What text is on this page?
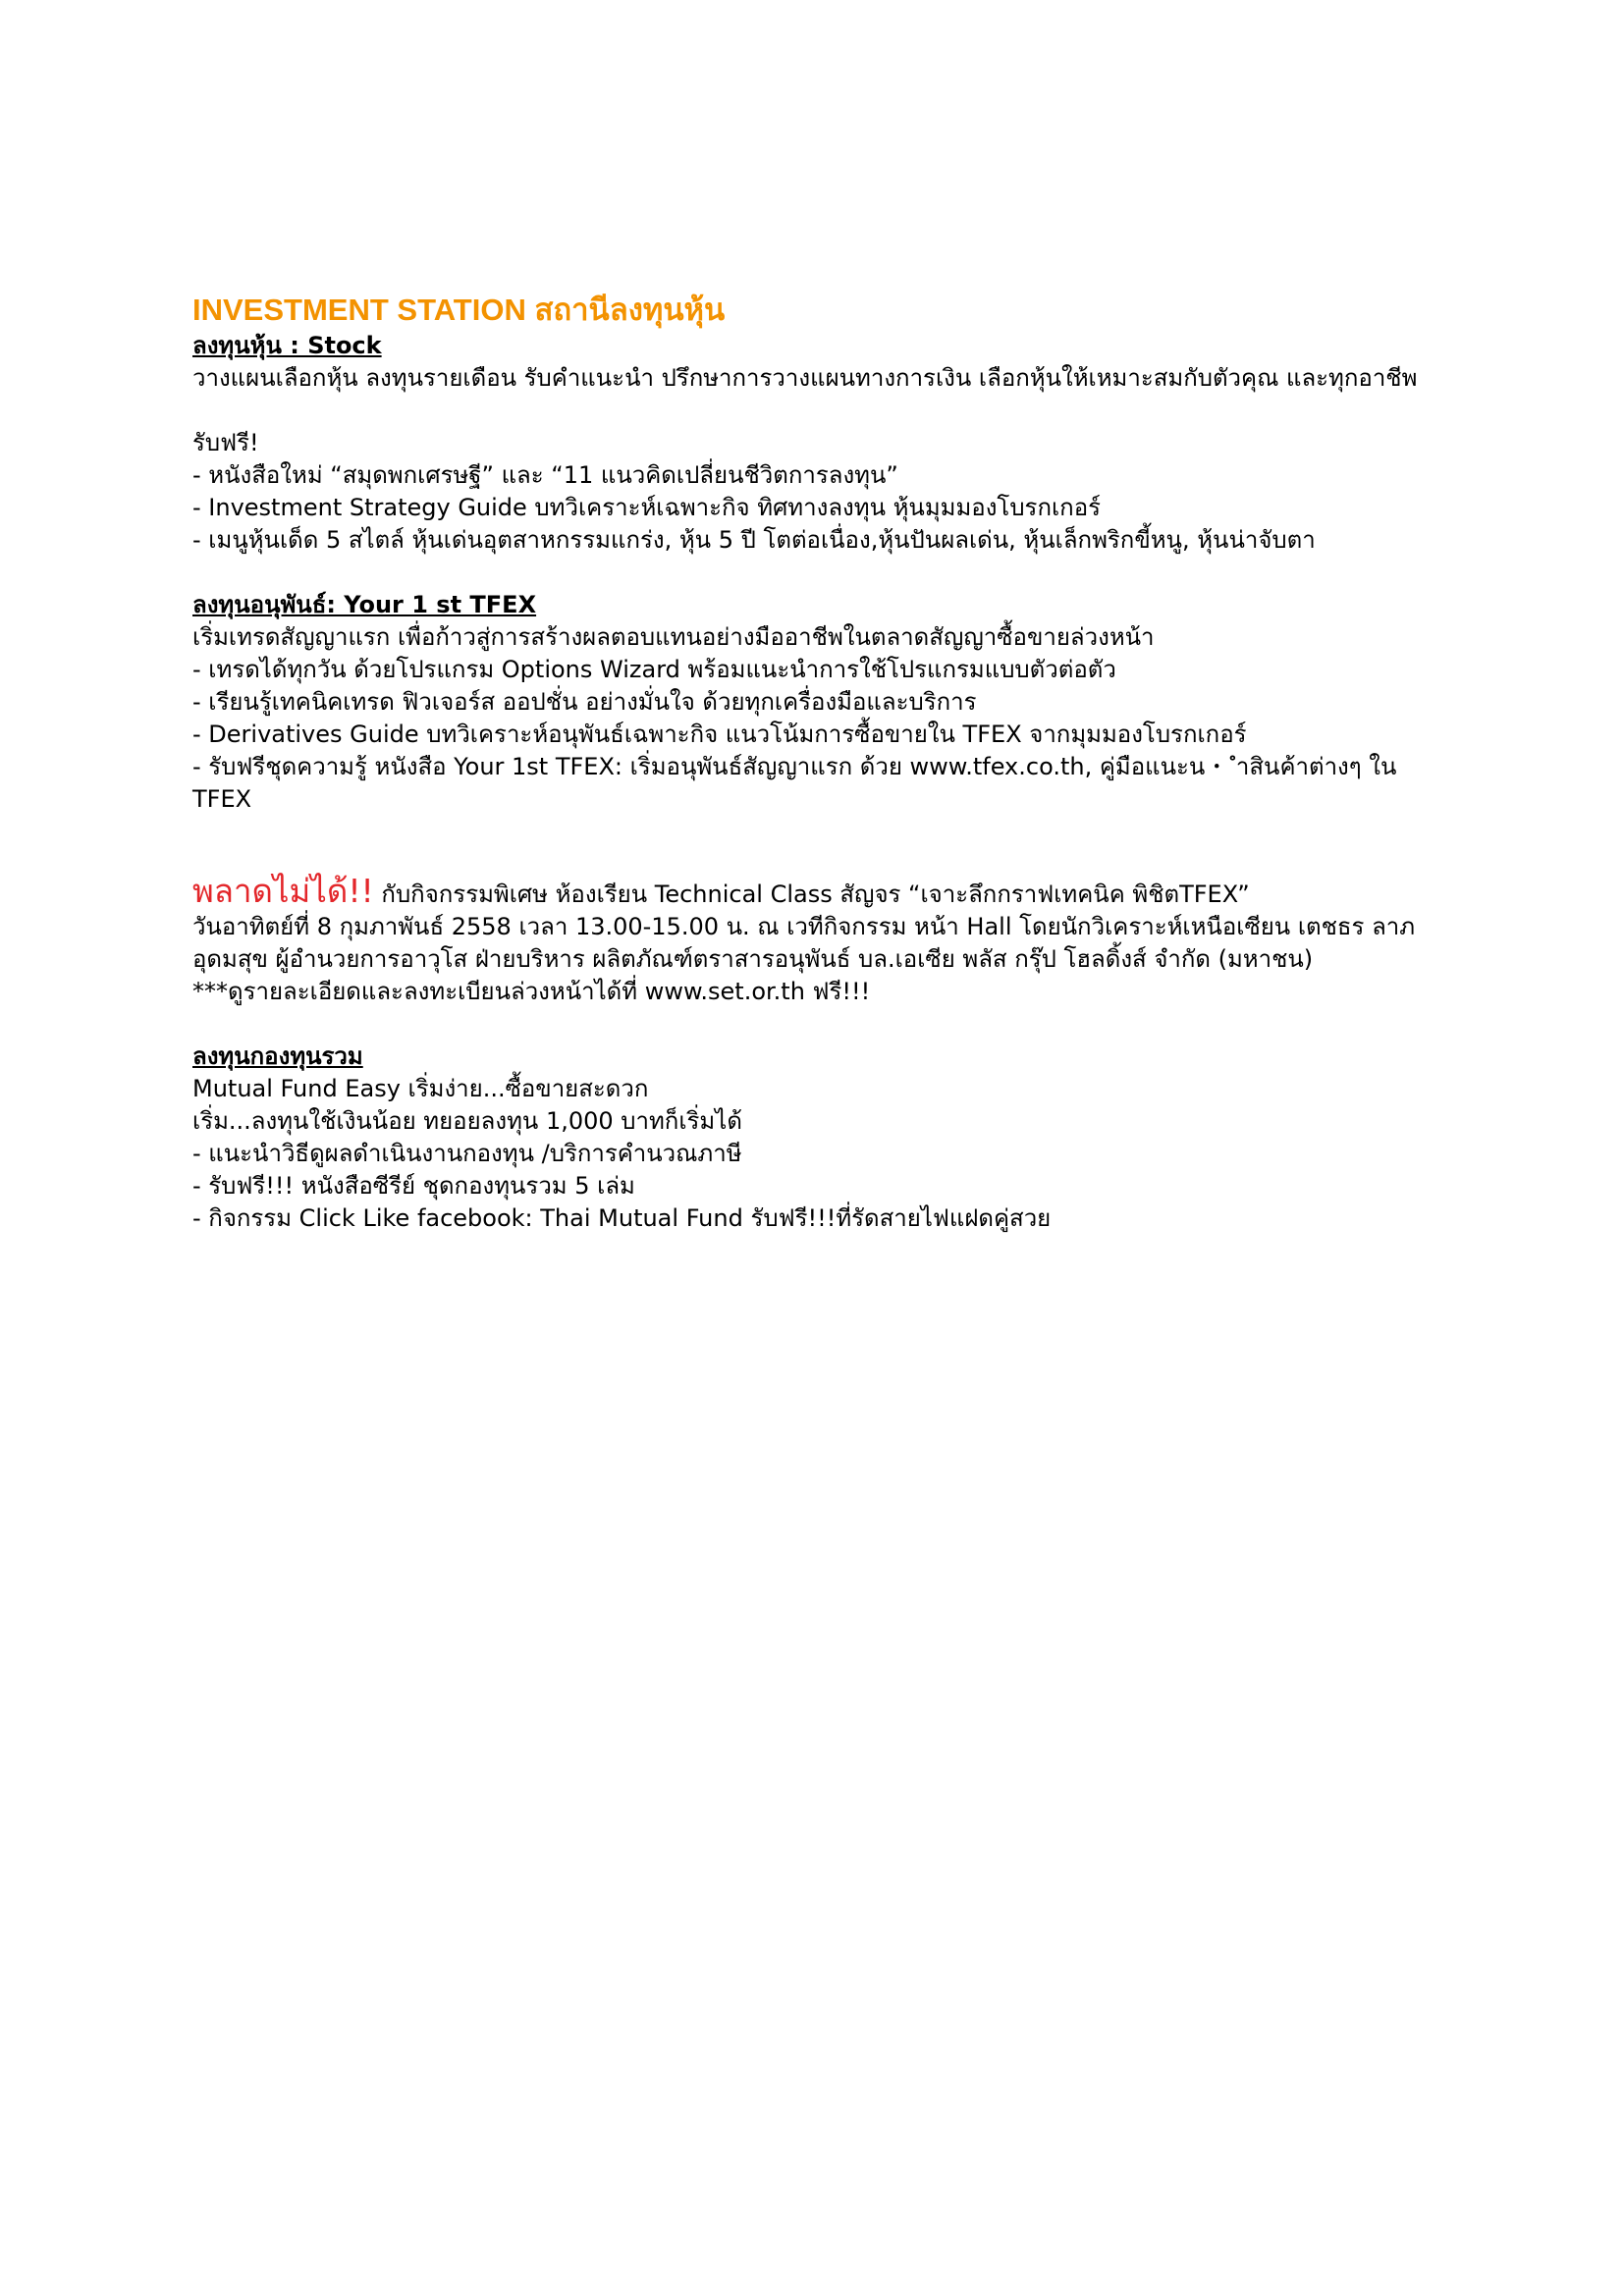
INVESTMENT STATION สถานีลงทุนหุ้น

ลงทุนหุ้น : Stock

วางแผนเลือกหุ้น ลงทุนรายเดือน รับคำแนะนำ ปรึกษาการวางแผนทางการเงิน เลือกหุ้นให้เหมาะสมกับตัวคุณ และทุกอาชีพ

รับฟรี!

- หนังสือใหม่ “สมุดพกเศรษฐี” และ “11 แนวคิดเปลี่ยนชีวิตการลงทุน”

- Investment Strategy Guide บทวิเคราะห์เฉพาะกิจ ทิศทางลงทุน หุ้นมุมมองโบรกเกอร์

- เมนูหุ้นเด็ด 5 สไตล์ หุ้นเด่นอุตสาหกรรมแกร่ง, หุ้น 5 ปี โตต่อเนื่อง,หุ้นปันผลเด่น, หุ้นเล็กพริกขี้หนู, หุ้นน่าจับตา

ลงทุนอนุพันธ์: Your 1 st TFEX

เริ่มเทรดสัญญาแรก เพื่อก้าวสู่การสร้างผลตอบแทนอย่างมืออาชีพในตลาดสัญญาซื้อขายล่วงหน้า

- เทรดได้ทุกวัน ด้วยโปรแกรม Options Wizard พร้อมแนะนำการใช้โปรแกรมแบบตัวต่อตัว

- เรียนรู้เทคนิคเทรด ฟิวเจอร์ส ออปชั่น อย่างมั่นใจ ด้วยทุกเครื่องมือและบริการ

- Derivatives Guide บทวิเคราะห์อนุพันธ์เฉพาะกิจ แนวโน้มการซื้อขายใน TFEX จากมุมมองโบรกเกอร์

- รับฟรีชุดความรู้ หนังสือ Your 1st TFEX: เริ่มอนุพันธ์สัญญาแรก ด้วย www.tfex.co.th, คู่มือแนะน・ ำสินค้าต่างๆ ใน TFEX

พลาดไม่ได้!! กับกิจกรรมพิเศษ ห้องเรียน Technical Class สัญจร “เจาะลึกกราฟเทคนิค พิชิตTFEX”

วันอาทิตย์ที่ 8 กุมภาพันธ์ 2558 เวลา 13.00-15.00 น. ณ เวทีกิจกรรม หน้า Hall โดยนักวิเคราะห์เหนือเซียน เตชธร ลาภอุดมสุข ผู้อำนวยการอาวุโส ฝ่ายบริหาร ผลิตภัณฑ์ตราสารอนุพันธ์ บล.เอเซีย พลัส กรุ๊ป โฮลดิ้งส์ จำกัด (มหาชน)

***ดูรายละเอียดและลงทะเบียนล่วงหน้าได้ที่ www.set.or.th ฟรี!!!

ลงทุนกองทุนรวม

Mutual Fund Easy เริ่มง่าย...ซื้อขายสะดวก

เริ่ม...ลงทุนใช้เงินน้อย ทยอยลงทุน 1,000 บาทก็เริ่มได้

- แนะนำวิธีดูผลดำเนินงานกองทุน /บริการคำนวณภาษี

- รับฟรี!!! หนังสือซีรีย์ ชุดกองทุนรวม 5 เล่ม

- กิจกรรม Click Like facebook: Thai Mutual Fund รับฟรี!!!ที่รัดสายไฟแฝดคู่สวย
